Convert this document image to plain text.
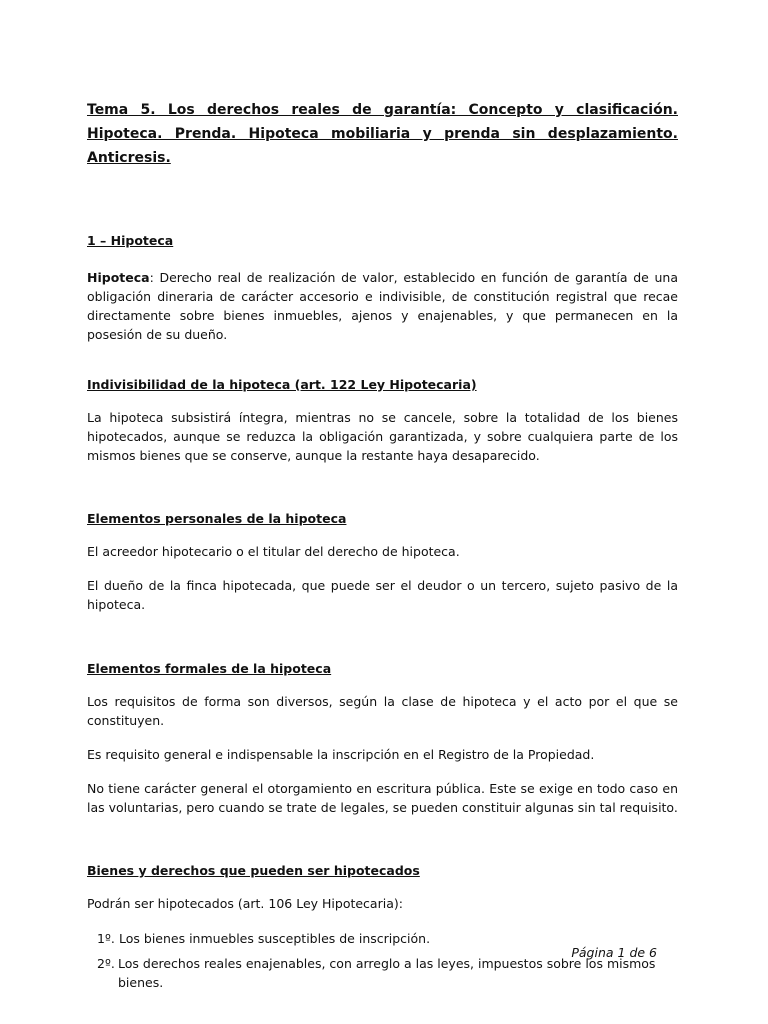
Tema 5. Los derechos reales de garantía: Concepto y clasificación. Hipoteca. Prenda. Hipoteca mobiliaria y prenda sin desplazamiento. Anticresis.
1 – Hipoteca

Hipoteca: Derecho real de realización de valor, establecido en función de garantía de una obligación dineraria de carácter accesorio e indivisible, de constitución registral que recae directamente sobre bienes inmuebles, ajenos y enajenables, y que permanecen en la posesión de su dueño.

Indivisibilidad de la hipoteca (art. 122 Ley Hipotecaria)

La hipoteca subsistirá íntegra, mientras no se cancele, sobre la totalidad de los bienes hipotecados, aunque se reduzca la obligación garantizada, y sobre cualquiera parte de los mismos bienes que se conserve, aunque la restante haya desaparecido.

Elementos personales de la hipoteca

El acreedor hipotecario o el titular del derecho de hipoteca.

El dueño de la finca hipotecada, que puede ser el deudor o un tercero, sujeto pasivo de la hipoteca.

Elementos formales de la hipoteca

Los requisitos de forma son diversos, según la clase de hipoteca y el acto por el que se constituyen.

Es requisito general e indispensable la inscripción en el Registro de la Propiedad.

No tiene carácter general el otorgamiento en escritura pública. Este se exige en todo caso en las voluntarias, pero cuando se trate de legales, se pueden constituir algunas sin tal requisito.

Bienes y derechos que pueden ser hipotecados

Podrán ser hipotecados (art. 106 Ley Hipotecaria):

1º. Los bienes inmuebles susceptibles de inscripción.
2º. Los derechos reales enajenables, con arreglo a las leyes, impuestos sobre los mismos bienes.
Página 1 de 6
